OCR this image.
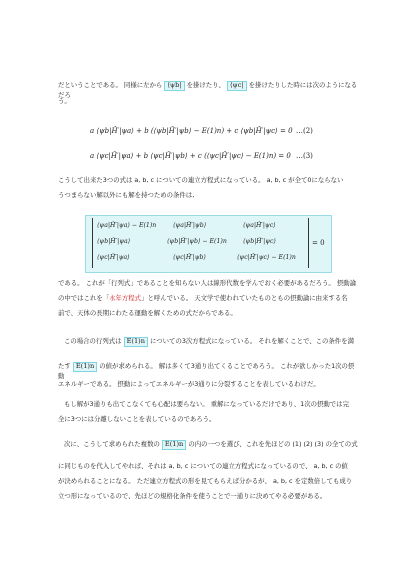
だということである。 同様に左から ⟨ψb| を掛けたり、 ⟨ψc| を掛けたりした時には次のようになるだろ

う。

a ⟨ψb|Ĥ′|ψa⟩ + b (⟨ψb|Ĥ′|ψb⟩ − E(1)n) + c ⟨ψb|Ĥ′|ψc⟩ = 0 …(2)
a ⟨ψc|Ĥ′|ψa⟩ + b ⟨ψc|Ĥ′|ψb⟩ + c (⟨ψc|Ĥ′|ψc⟩ − E(1)n) = 0 …(3)

こうして出来た3つの式は a, b, c についての連立方程式になっている。 a, b, c が全て0にならない

うつまらない解以外にも解を持つための条件は,

⟨ψa|Ĥ′|ψa⟩ − E(1)n	⟨ψa|Ĥ′|ψb⟩	⟨ψa|Ĥ′|ψc⟩
⟨ψb|Ĥ′|ψa⟩	⟨ψb|Ĥ′|ψb⟩ − E(1)n	⟨ψb|Ĥ′|ψc⟩
⟨ψc|Ĥ′|ψa⟩	⟨ψc|Ĥ′|ψb⟩	⟨ψc|Ĥ′|ψc⟩ − E(1)n
= 0

である。 これが「行列式」であることを知らない人は線形代数を学んでおく必要があるだろう。 摂動論

の中ではこれを「永年方程式」と呼んでいる。 天文学で使われていたものともの摂動論に由来する名

前で、天体の長期にわたる運動を解くための式だからである。

この場合の行列式は E(1)n についての3次方程式になっている。 それを解くことで、この条件を満

たす E(1)n の値が求められる。 解は多くて3通り出てくることであろう。 これが欲しかった1次の摂動

エネルギーである。 摂動によってエネルギーが3通りに分裂することを表しているわけだ。

もし解が3通りも出てこなくても心配は要らない。 重解になっているだけであり、1次の摂動では完

全に3つには分離しないことを表しているのであろう。

次に、こうして求められた複数の E(1)n の内の一つを選び、これを先ほどの (1) (2) (3) の全ての式

に同じものを代入してやれば、それは a, b, c についての連立方程式になっているので、 a, b, c の値

が決められることになる。 ただ連立方程式の形を見てもらえば分かるが、 a, b, c を定数倍しても成り

立つ形になっているので、先ほどの規格化条件を使うことで一通りに決めてやる必要がある。
